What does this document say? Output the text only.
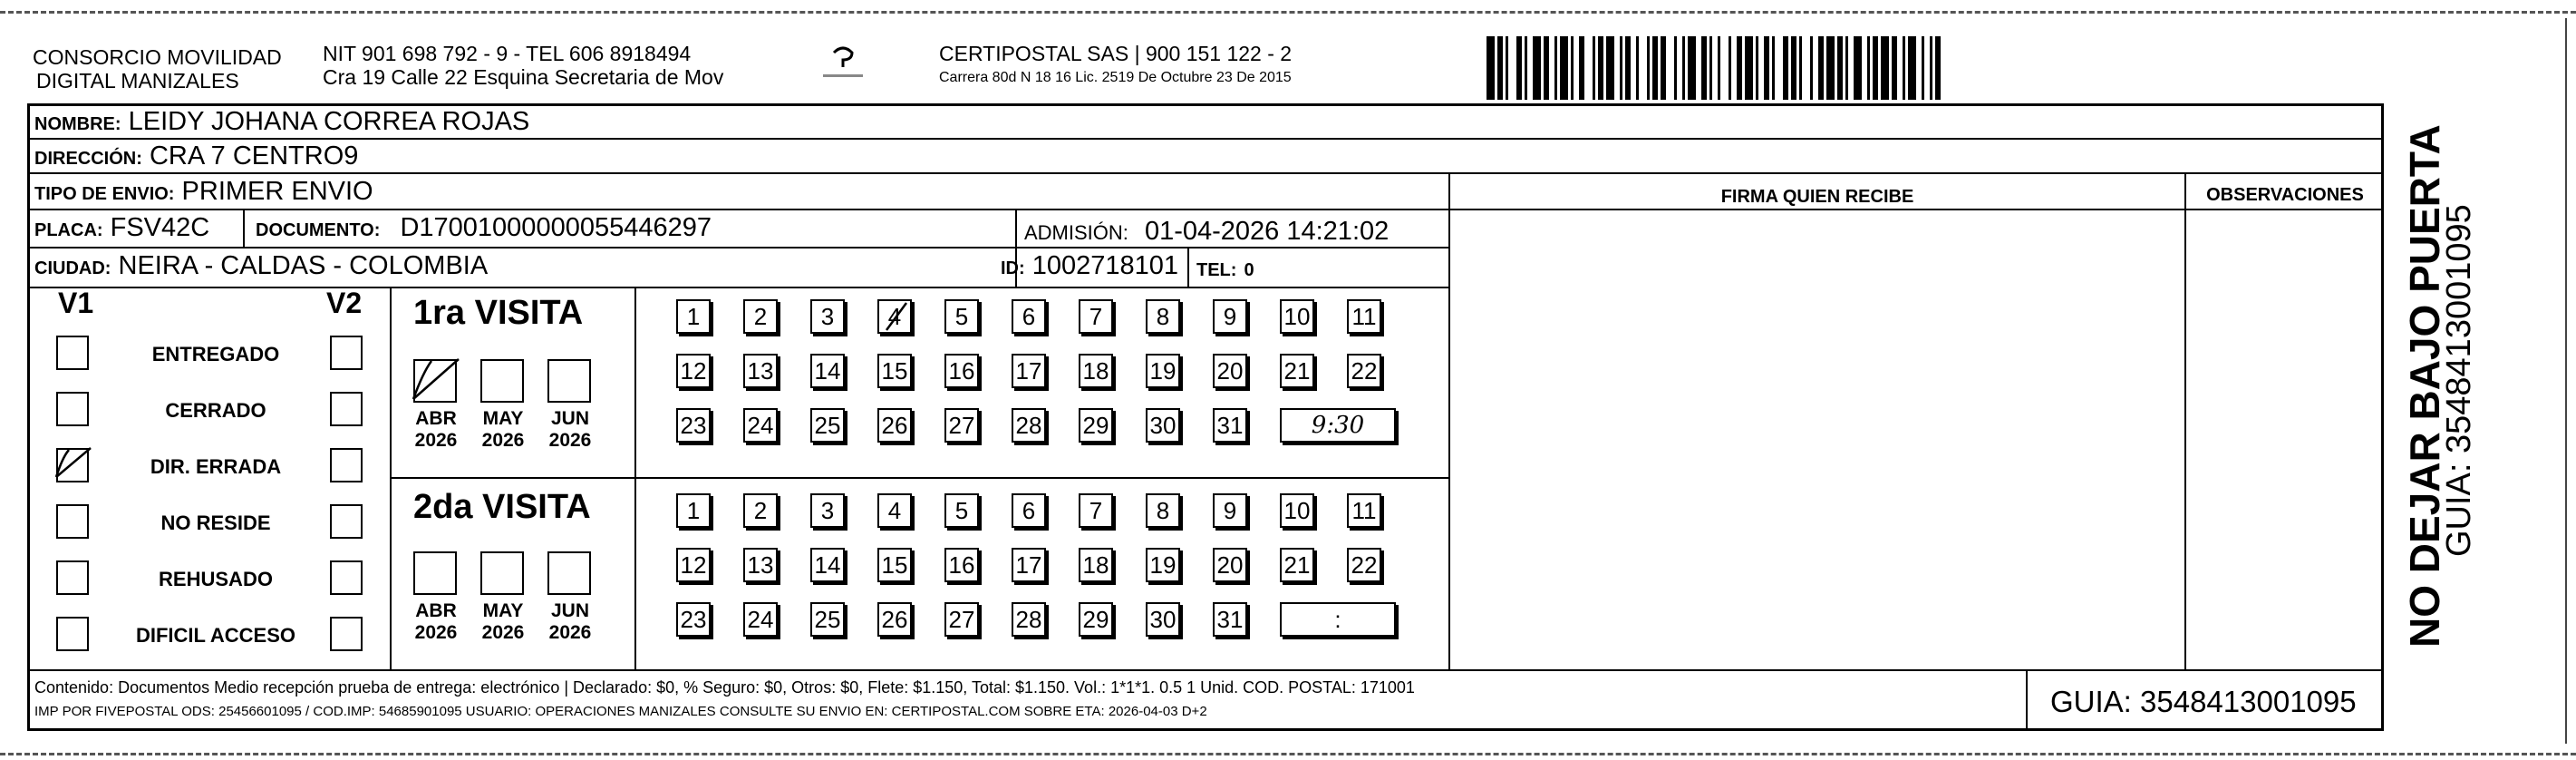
CONSORCIO MOVILIDAD
DIGITAL MANIZALES
NIT 901 698 792 - 9 - TEL 606 8918494
Cra 19 Calle 22 Esquina Secretaria de Mov
CERTIPOSTAL SAS | 900 151 122 - 2
Carrera 80d N 18 16 Lic. 2519 De Octubre 23 De 2015
NOMBRE: LEIDY JOHANA CORREA ROJAS
DIRECCIÓN: CRA 7 CENTRO9
TIPO DE ENVIO: PRIMER ENVIO
PLACA: FSV42C	DOCUMENTO: D17001000000055446297	ADMISIÓN: 01-04-2026 14:21:02
CIUDAD: NEIRA - CALDAS - COLOMBIA	ID: 1002718101 TEL: 0
FIRMA QUIEN RECIBE	OBSERVACIONES
V1	V2
ENTREGADO
CERRADO
DIR. ERRADA
NO RESIDE
REHUSADO
DIFICIL ACCESO
1ra VISITA
ABR
2026
MAY
2026
JUN
2026
1	2	3	4	5	6	7	8	9	10 11
12 13 14 15 16 17 18 19 20 21 22
23 24 25 26 27 28 29 30 31	9:30
2da VISITA
ABR
2026
MAY
2026
JUN
2026
1	2	3	4	5	6	7	8	9	10 11
12 13 14 15 16 17 18 19 20 21 22
23 24 25 26 27 28 29 30 31	:
Contenido: Documentos Medio recepción prueba de entrega: electrónico | Declarado: $0, % Seguro: $0, Otros: $0, Flete: $1.150, Total: $1.150. Vol.: 1*1*1. 0.5 1 Unid. COD. POSTAL: 171001
IMP POR FIVEPOSTAL ODS: 25456601095 / COD.IMP: 54685901095 USUARIO: OPERACIONES MANIZALES CONSULTE SU ENVIO EN: CERTIPOSTAL.COM SOBRE ETA: 2026-04-03 D+2	GUIA: 3548413001095
NO DEJAR BAJO PUERTA
GUIA: 3548413001095
